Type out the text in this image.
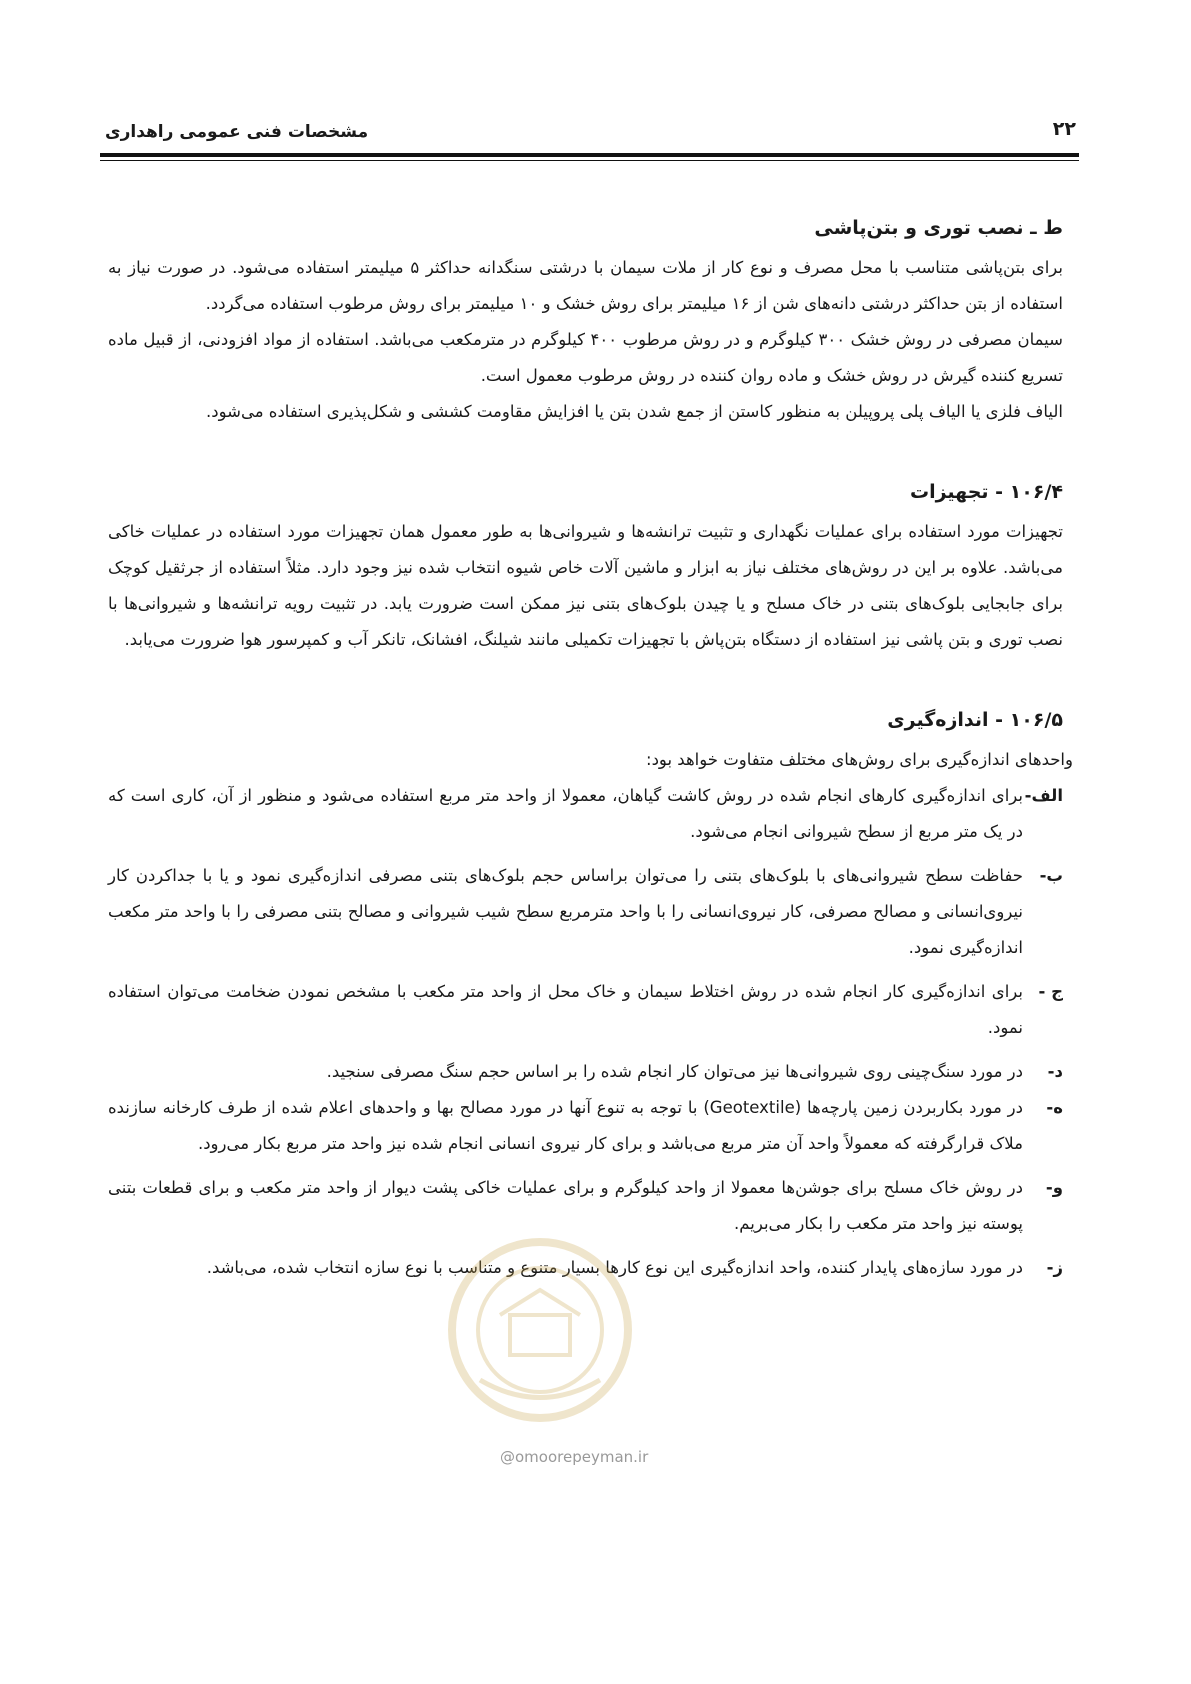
۲۲
مشخصات فنی عمومی راهداری
ط ـ نصب توری و بتن‌پاشی
برای بتن‌پاشی متناسب با محل مصرف و نوع کار از ملات سیمان با درشتی سنگدانه حداکثر ۵ میلیمتر استفاده می‌شود. در صورت نیاز به استفاده از بتن حداکثر درشتی دانه‌های شن از ۱۶ میلیمتر برای روش خشک و ۱۰ میلیمتر برای روش مرطوب استفاده می‌گردد.
سیمان مصرفی در روش خشک ۳۰۰ کیلوگرم و در روش مرطوب ۴۰۰ کیلوگرم در مترمکعب می‌باشد. استفاده از مواد افزودنی، از قبیل ماده تسریع کننده گیرش در روش خشک و ماده روان کننده در روش مرطوب معمول است.
الیاف فلزی یا الیاف پلی پروپیلن به منظور کاستن از جمع شدن بتن یا افزایش مقاومت کششی و شکل‌پذیری استفاده می‌شود.
۱۰۶/۴ - تجهیزات
تجهیزات مورد استفاده برای عملیات نگهداری و تثبیت ترانشه‌ها و شیروانی‌ها به طور معمول همان تجهیزات مورد استفاده در عملیات خاکی می‌باشد. علاوه بر این در روش‌های مختلف نیاز به ابزار و ماشین آلات خاص شیوه انتخاب شده نیز وجود دارد. مثلاً استفاده از جرثقیل کوچک برای جابجایی بلوک‌های بتنی در خاک مسلح و یا چیدن بلوک‌های بتنی نیز ممکن است ضرورت یابد. در تثبیت رویه ترانشه‌ها و شیروانی‌ها با نصب توری و بتن پاشی نیز استفاده از دستگاه بتن‌پاش با تجهیزات تکمیلی مانند شیلنگ، افشانک، تانکر آب و کمپرسور هوا ضرورت می‌یابد.
۱۰۶/۵ - اندازه‌گیری
واحدهای اندازه‌گیری برای روش‌های مختلف متفاوت خواهد بود:
الف-
برای اندازه‌گیری کارهای انجام شده در روش کاشت گیاهان، معمولا از واحد متر مربع استفاده می‌شود و منظور از آن، کاری است که در یک متر مربع از سطح شیروانی انجام می‌شود.
ب-
حفاظت سطح شیروانی‌های با بلوک‌های بتنی را می‌توان براساس حجم بلوک‌های بتنی مصرفی اندازه‌گیری نمود و یا با جداکردن کار نیروی‌انسانی و مصالح مصرفی، کار نیروی‌انسانی را با واحد مترمربع سطح شیب شیروانی و مصالح بتنی مصرفی را با واحد متر مکعب اندازه‌گیری نمود.
ج -
برای اندازه‌گیری کار انجام شده در روش اختلاط سیمان و خاک محل از واحد متر مکعب با مشخص نمودن ضخامت می‌توان استفاده نمود.
د-
در مورد سنگ‌چینی روی شیروانی‌ها نیز می‌توان کار انجام شده را بر اساس حجم سنگ مصرفی سنجید.
ه-
در مورد بکاربردن زمین پارچه‌ها (Geotextile) با توجه به تنوع آنها در مورد مصالح بها و واحدهای اعلام شده از طرف کارخانه سازنده ملاک قرارگرفته که معمولاً واحد آن متر مربع می‌باشد و برای کار نیروی انسانی انجام شده نیز واحد متر مربع بکار می‌رود.
و-
در روش خاک مسلح برای جوشن‌ها معمولا از واحد کیلوگرم و برای عملیات خاکی پشت دیوار از واحد متر مکعب و برای قطعات بتنی پوسته نیز واحد متر مکعب را بکار می‌بریم.
ز-
در مورد سازه‌های پایدار کننده، واحد اندازه‌گیری این نوع کارها بسیار متنوع و متناسب با نوع سازه انتخاب شده، می‌باشد.
@omoorepeyman.ir
